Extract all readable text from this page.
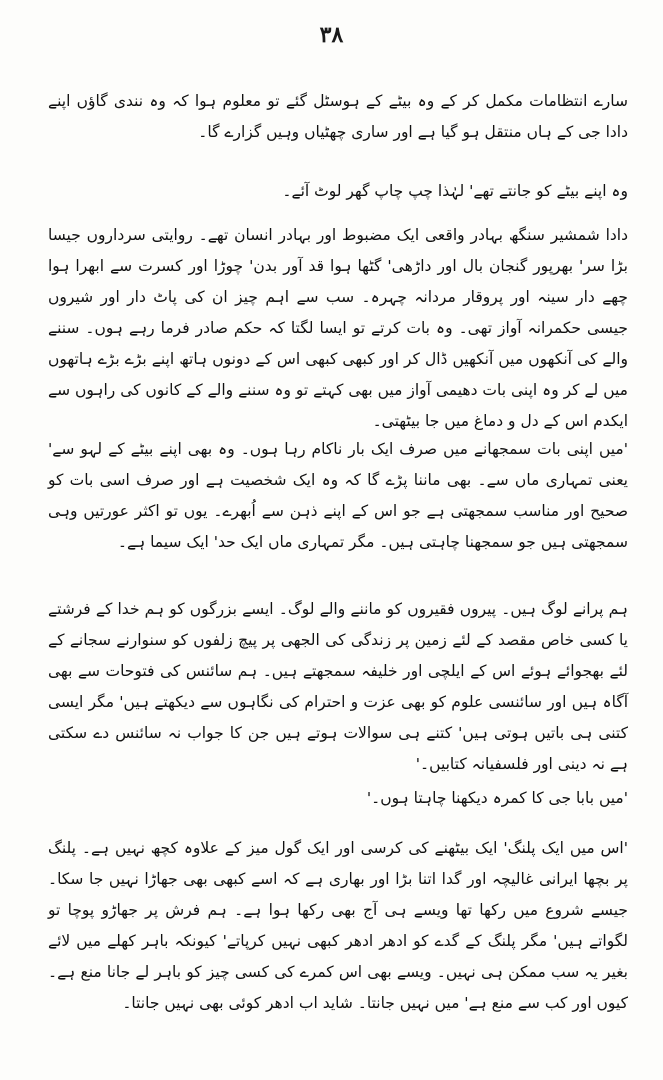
۳۸

سارے انتظامات مکمل کر کے وہ بیٹے کے ہوسٹل گئے تو معلوم ہوا کہ وہ نندی گاؤں اپنے دادا جی کے ہاں منتقل ہو گیا ہے اور ساری چھٹیاں وہیں گزارے گا۔

وہ اپنے بیٹے کو جانتے تھے' لہٰذا چپ چاپ گھر لوٹ آئے۔

دادا شمشیر سنگھ بہادر واقعی ایک مضبوط اور بہادر انسان تھے۔ روایتی سرداروں جیسا بڑا سر' بھرپور گنجان بال اور داڑھی' گٹھا ہوا قد آور بدن' چوڑا اور کسرت سے ابھرا ہوا چھے دار سینہ اور پروقار مردانہ چہرہ۔ سب سے اہم چیز ان کی پاٹ دار اور شیروں جیسی حکمرانہ آواز تھی۔ وہ بات کرتے تو ایسا لگتا کہ حکم صادر فرما رہے ہوں۔ سننے والے کی آنکھوں میں آنکھیں ڈال کر اور کبھی کبھی اس کے دونوں ہاتھ اپنے بڑے بڑے ہاتھوں میں لے کر وہ اپنی بات دھیمی آواز میں بھی کہتے تو وہ سننے والے کے کانوں کی راہوں سے ایکدم اس کے دل و دماغ میں جا بیٹھتی۔

'میں اپنی بات سمجھانے میں صرف ایک بار ناکام رہا ہوں۔ وہ بھی اپنے بیٹے کے لہو سے' یعنی تمہاری ماں سے۔ بھی ماننا پڑے گا کہ وہ ایک شخصیت ہے اور صرف اسی بات کو صحیح اور مناسب سمجھتی ہے جو اس کے اپنے ذہن سے اُبھرے۔ یوں تو اکثر عورتیں وہی سمجھتی ہیں جو سمجھنا چاہتی ہیں۔ مگر تمہاری ماں ایک حد' ایک سیما ہے۔

ہم پرانے لوگ ہیں۔ پیروں فقیروں کو ماننے والے لوگ۔ ایسے بزرگوں کو ہم خدا کے فرشتے یا کسی خاص مقصد کے لئے زمین پر زندگی کی الجھی پر پیچ زلفوں کو سنوارنے سجانے کے لئے بھجوائے ہوئے اس کے ایلچی اور خلیفہ سمجھتے ہیں۔ ہم سائنس کی فتوحات سے بھی آگاہ ہیں اور سائنسی علوم کو بھی عزت و احترام کی نگاہوں سے دیکھتے ہیں' مگر ایسی کتنی ہی باتیں ہوتی ہیں' کتنے ہی سوالات ہوتے ہیں جن کا جواب نہ سائنس دے سکتی ہے نہ دینی اور فلسفیانہ کتابیں۔'

'میں بابا جی کا کمرہ دیکھنا چاہتا ہوں۔'

'اس میں ایک پلنگ' ایک بیٹھنے کی کرسی اور ایک گول میز کے علاوہ کچھ نہیں ہے۔ پلنگ پر بچھا ایرانی غالیچہ اور گدا اتنا بڑا اور بھاری ہے کہ اسے کبھی بھی جھاڑا نہیں جا سکا۔ جیسے شروع میں رکھا تھا ویسے ہی آج بھی رکھا ہوا ہے۔ ہم فرش پر جھاڑو پوچا تو لگواتے ہیں' مگر پلنگ کے گدے کو ادھر ادھر کبھی نہیں کرپاتے' کیونکہ باہر کھلے میں لائے بغیر یہ سب ممکن ہی نہیں۔ ویسے بھی اس کمرے کی کسی چیز کو باہر لے جانا منع ہے۔ کیوں اور کب سے منع ہے' میں نہیں جانتا۔ شاید اب ادھر کوئی بھی نہیں جانتا۔
